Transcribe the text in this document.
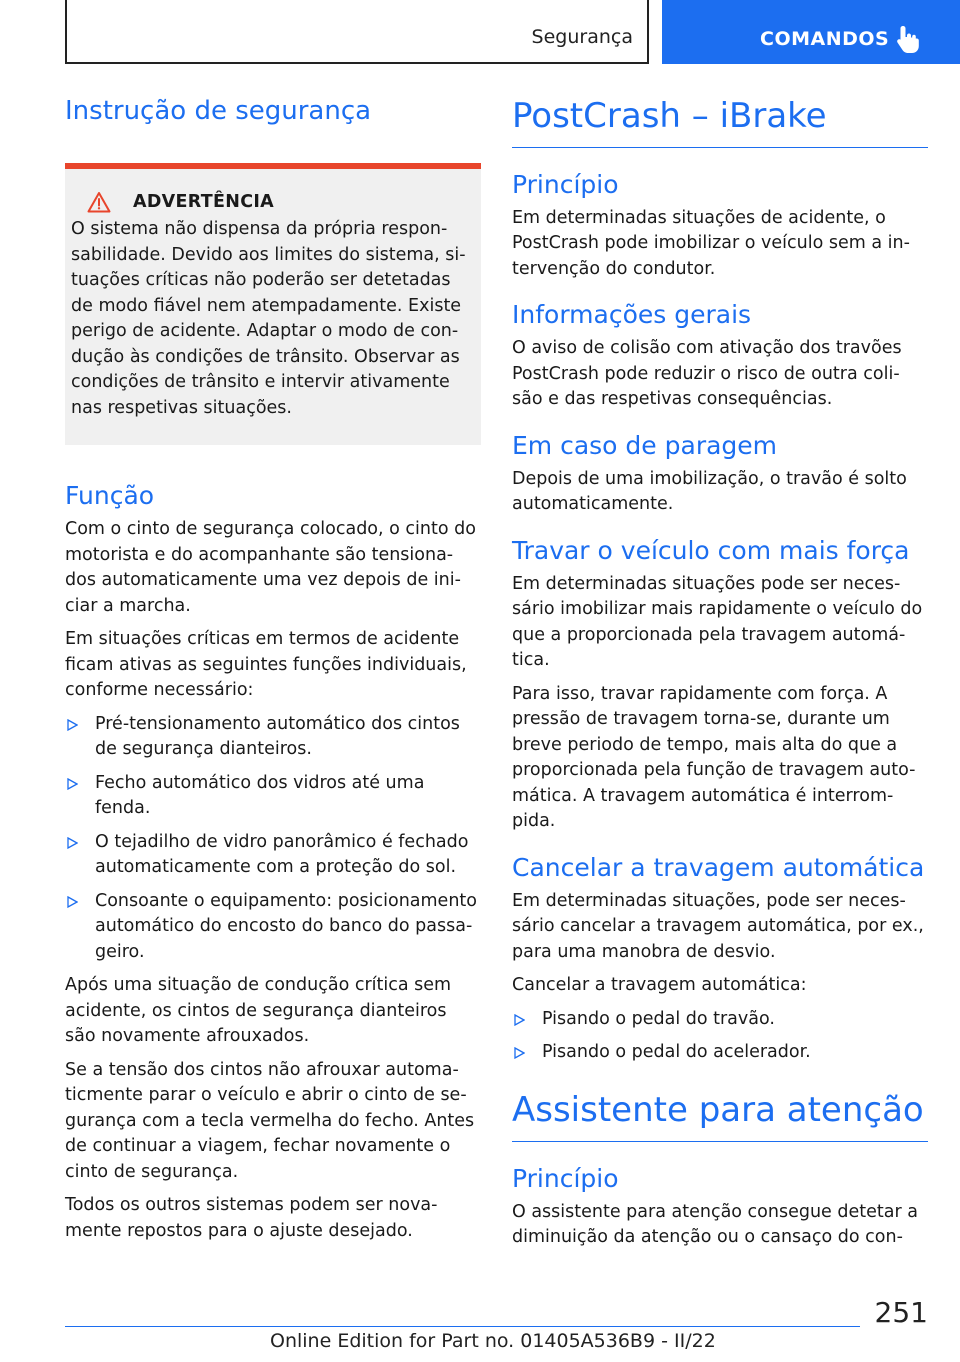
Segurança	COMANDOS
Instrução de segurança
ADVERTÊNCIA

O sistema não dispensa da própria respon-sabilidade. Devido aos limites do sistema, si-tuações críticas não poderão ser detetadas de modo fiável nem atempadamente. Existe perigo de acidente. Adaptar o modo de con-dução às condições de trânsito. Observar as condições de trânsito e intervir ativamente nas respetivas situações.

Função

Com o cinto de segurança colocado, o cinto do motorista e do acompanhante são tensiona-dos automaticamente uma vez depois de ini-ciar a marcha.

Em situações críticas em termos de acidente ficam ativas as seguintes funções individuais, conforme necessário:

Pré-tensionamento automático dos cintos de segurança dianteiros.
Fecho automático dos vidros até uma fenda.
O tejadilho de vidro panorâmico é fechado automaticamente com a proteção do sol.
Consoante o equipamento: posicionamento automático do encosto do banco do passa-geiro.

Após uma situação de condução crítica sem acidente, os cintos de segurança dianteiros são novamente afrouxados.

Se a tensão dos cintos não afrouxar automa-ticmente parar o veículo e abrir o cinto de se-gurança com a tecla vermelha do fecho. Antes de continuar a viagem, fechar novamente o cinto de segurança.

Todos os outros sistemas podem ser nova-mente repostos para o ajuste desejado.

PostCrash – iBrake
Princípio

Em determinadas situações de acidente, o PostCrash pode imobilizar o veículo sem a in-tervenção do condutor.

Informações gerais

O aviso de colisão com ativação dos travões PostCrash pode reduzir o risco de outra coli-são e das respetivas consequências.

Em caso de paragem

Depois de uma imobilização, o travão é solto automaticamente.

Travar o veículo com mais força

Em determinadas situações pode ser neces-sário imobilizar mais rapidamente o veículo do que a proporcionada pela travagem automá-tica.

Para isso, travar rapidamente com força. A pressão de travagem torna-se, durante um breve periodo de tempo, mais alta do que a proporcionada pela função de travagem auto-mática. A travagem automática é interrom-pida.

Cancelar a travagem automática

Em determinadas situações, pode ser neces-sário cancelar a travagem automática, por ex., para uma manobra de desvio.

Cancelar a travagem automática:

Pisando o pedal do travão.
Pisando o pedal do acelerador.
Assistente para atenção
Princípio

O assistente para atenção consegue detetar a diminuição da atenção ou o cansaço do con-

251
Online Edition for Part no. 01405A536B9 - II/22
